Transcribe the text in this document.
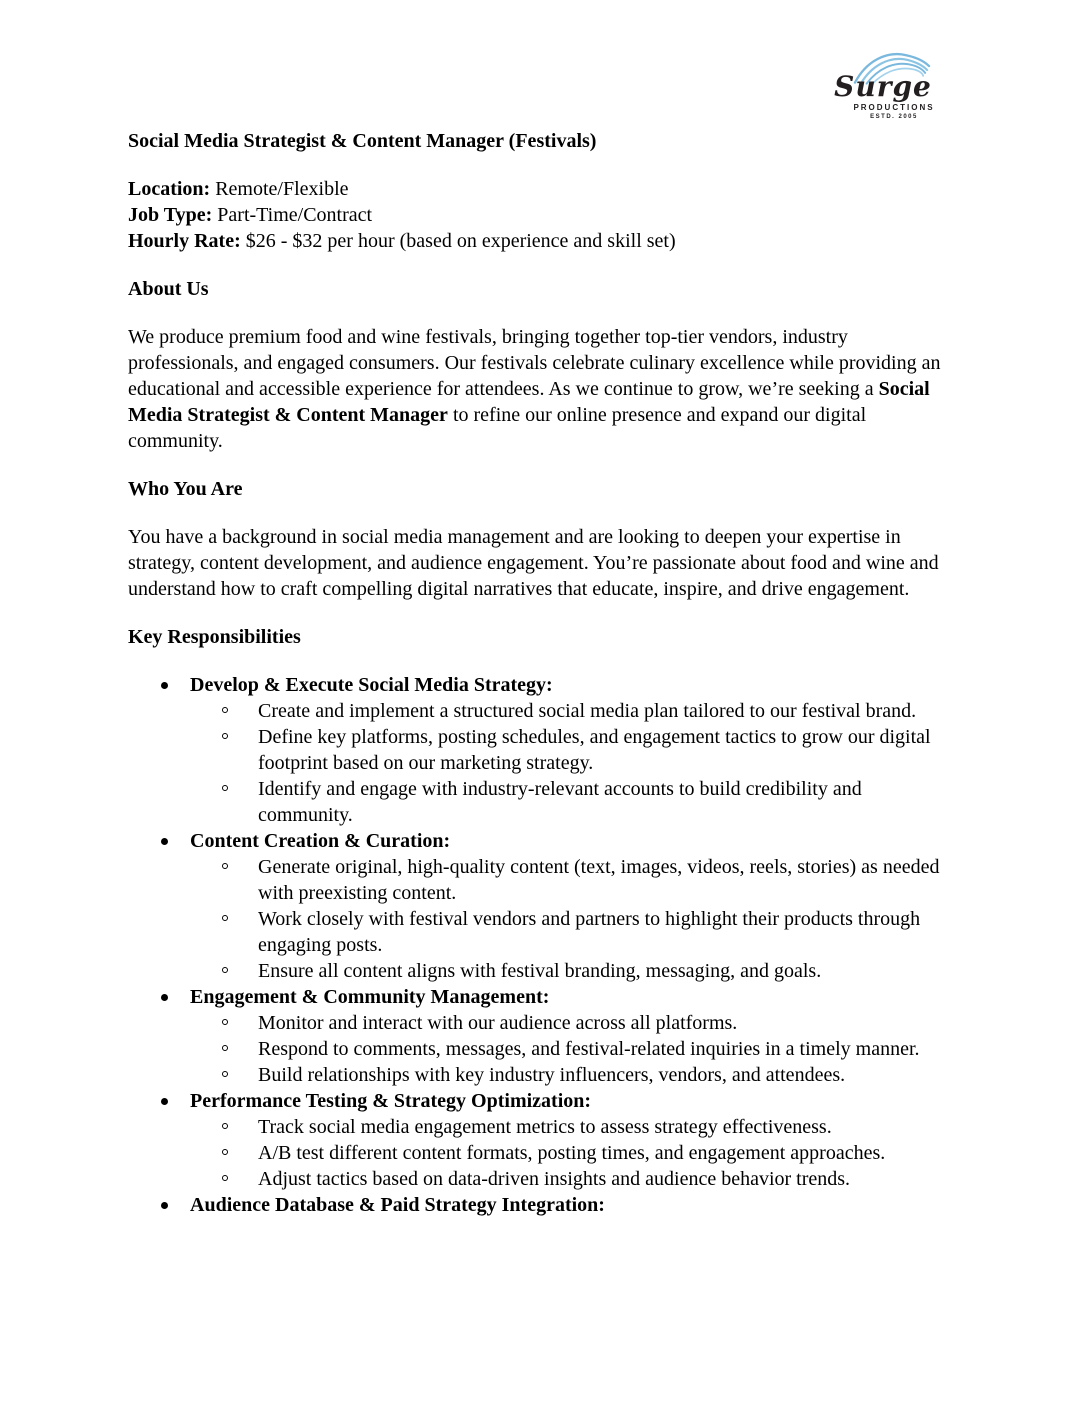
Surge
PRODUCTIONS
ESTD. 2005
Social Media Strategist & Content Manager (Festivals)
Location: Remote/Flexible
Job Type: Part-Time/Contract
Hourly Rate: $26 - $32 per hour (based on experience and skill set)
About Us

We produce premium food and wine festivals, bringing together top-tier vendors, industry professionals, and engaged consumers. Our festivals celebrate culinary excellence while providing an educational and accessible experience for attendees. As we continue to grow, we’re seeking a Social Media Strategist & Content Manager to refine our online presence and expand our digital community.

Who You Are

You have a background in social media management and are looking to deepen your expertise in strategy, content development, and audience engagement. You’re passionate about food and wine and understand how to craft compelling digital narratives that educate, inspire, and drive engagement.

Key Responsibilities
Develop & Execute Social Media Strategy:
Create and implement a structured social media plan tailored to our festival brand.
Define key platforms, posting schedules, and engagement tactics to grow our digital footprint based on our marketing strategy.
Identify and engage with industry-relevant accounts to build credibility and community.
Content Creation & Curation:
Generate original, high-quality content (text, images, videos, reels, stories) as needed with preexisting content.
Work closely with festival vendors and partners to highlight their products through engaging posts.
Ensure all content aligns with festival branding, messaging, and goals.
Engagement & Community Management:
Monitor and interact with our audience across all platforms.
Respond to comments, messages, and festival-related inquiries in a timely manner.
Build relationships with key industry influencers, vendors, and attendees.
Performance Testing & Strategy Optimization:
Track social media engagement metrics to assess strategy effectiveness.
A/B test different content formats, posting times, and engagement approaches.
Adjust tactics based on data-driven insights and audience behavior trends.
Audience Database & Paid Strategy Integration:
